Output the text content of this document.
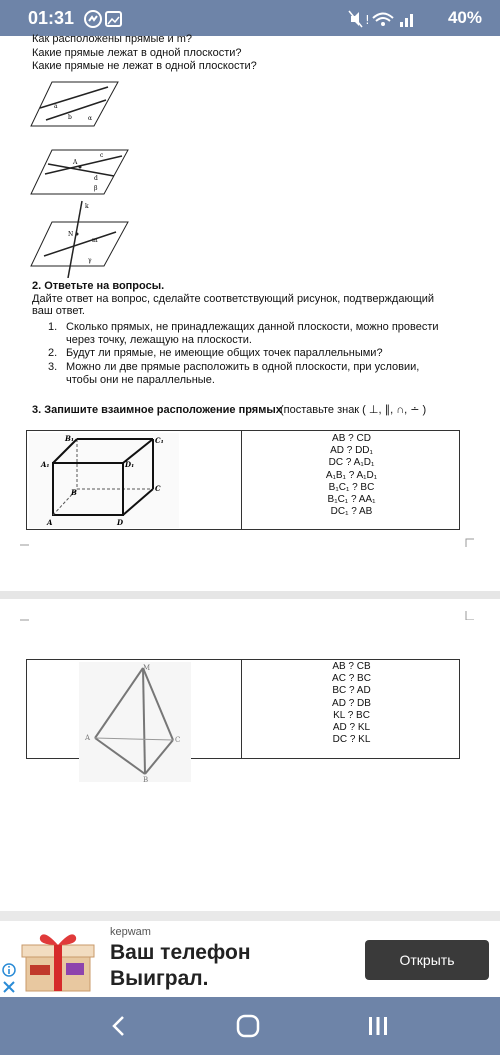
01:31	!	40%
Как расположены прямые и m?
Какие прямые лежат в одной плоскости?
Какие прямые не лежат в одной плоскости?
a
b	α
A
c
d
β
k
N
m
γ
2. Ответьте на вопросы.
Дайте ответ на вопрос, сделайте соответствующий рисунок, подтверждающий
ваш ответ.
1. Сколько прямых, не принадлежащих данной плоскости, можно провести
через точку, лежащую на плоскости.
2. Будут ли прямые, не имеющие общих точек параллельными?
3. Можно ли две прямые расположить в одной плоскости, при условии,
чтобы они не параллельные.
3. Запишите взаимное расположение прямых
(поставьте знак ( ⊥, ∥, ∩, ∸ )
B₁	C₁
A₁	D₁
B	C
A	D
AB ? CD
AD ? DD₁
DC ? A₁D₁
A₁B₁ ? A₁D₁
B₁C₁ ? BC
B₁C₁ ? AA₁
DC₁ ? AB
M
A	C
B
AB ? CB
AC ? BC
BC ? AD
AD ? DB
KL ? BC
AD ? KL
DC ? KL
kepwam
Ваш телефон
Выиграл.
Открыть
